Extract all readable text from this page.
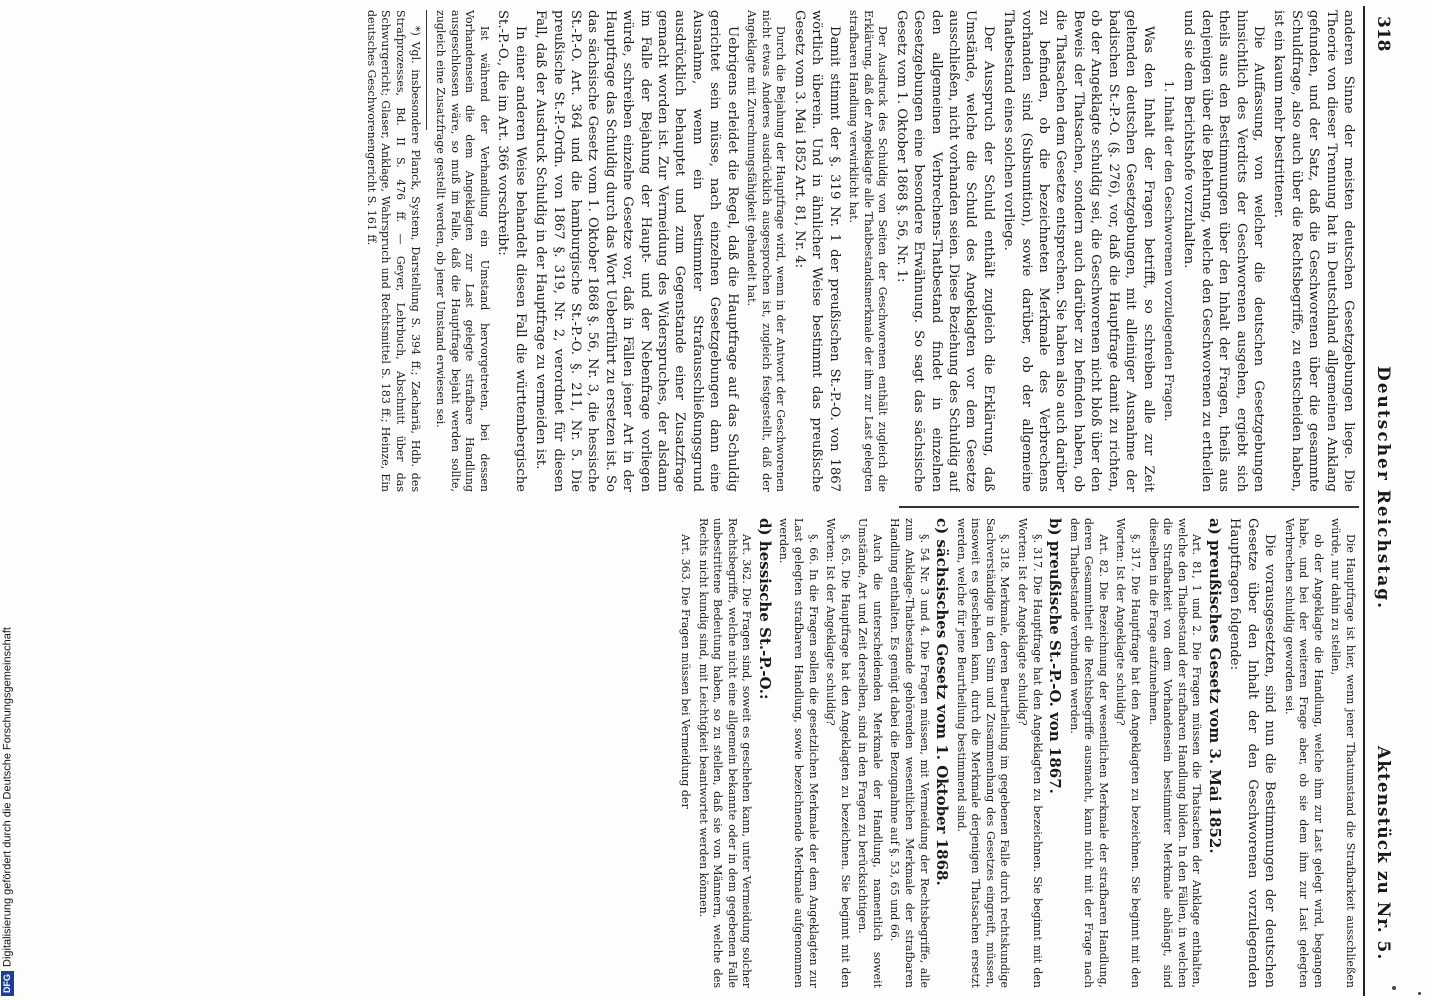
318
Deutscher Reichstag.
Aktenstück zu Nr. 5.

anderen Sinne der meisten deutschen Gesetzgebungen liege. Die Theorie von dieser Trennung hat in Deutschland allgemeinen Anklang gefunden, und der Satz, daß die Geschworenen über die gesammte Schuldfrage, also auch über die Rechtsbegriffe, zu entscheiden haben, ist ein kaum mehr bestrittener.

Die Auffassung, von welcher die deutschen Gesetzgebungen hinsichtlich des Verdicts der Geschworenen ausgehen, ergiebt sich theils aus den Bestimmungen über den Inhalt der Fragen, theils aus denjenigen über die Belehrung, welche den Geschworenen zu ertheilen und sie dem Berichtshofe vorzuhalten.

1. Inhalt der den Geschworenen vorzulegenden Fragen.

Was den Inhalt der Fragen betrifft, so schreiben alle zur Zeit geltenden deutschen Gesetzgebungen, mit alleiniger Ausnahme der badischen St.-P.-O. (§. 276), vor, daß die Hauptfrage damit zu richten, ob der Angeklagte schuldig sei, die Geschworenen nicht bloß über den Beweis der Thatsachen, sondern auch darüber zu befinden haben, ob die Thatsachen dem Gesetze entsprechen. Sie haben also auch darüber zu befinden, ob die bezeichneten Merkmale des Verbrechens vorhanden sind (Subsumtion), sowie darüber, ob der allgemeine Thatbestand eines solchen vorliege.

Der Ausspruch der Schuld enthält zugleich die Erklärung, daß Umstände, welche die Schuld des Angeklagten vor dem Gesetze ausschließen, nicht vorhanden seien. Diese Beziehung des Schuldig auf den allgemeinen Verbrechens-Thatbestand findet in einzelnen Gesetzgebungen eine besondere Erwähnung. So sagt das sächsische Gesetz vom 1. Oktober 1868 §. 56, Nr. 1:

Der Ausdruck des Schuldig von Seiten der Geschworenen enthält zugleich die Erklärung, daß der Angeklagte alle Thatbestandsmerkmale der ihm zur Last gelegten strafbaren Handlung verwirklicht hat.

Damit stimmt der §. 319 Nr. 1 der preußischen St.-P.-O. von 1867 wörtlich überein. Und in ähnlicher Weise bestimmt das preußische Gesetz vom 3. Mai 1852 Art. 81, Nr. 4:

Durch die Bejahung der Hauptfrage wird, wenn in der Antwort der Geschworenen nicht etwas Anderes ausdrücklich ausgesprochen ist, zugleich festgestellt, daß der Angeklagte mit Zurechnungsfähigkeit gehandelt hat.

Uebrigens erleidet die Regel, daß die Hauptfrage auf das Schuldig gerichtet sein müsse, nach einzelnen Gesetzgebungen dann eine Ausnahme, wenn ein bestimmter Strafausschließungsgrund ausdrücklich behauptet und zum Gegenstande einer Zusatzfrage gemacht worden ist. Zur Vermeidung des Widerspruches, der alsdann im Falle der Bejahung der Haupt- und der Nebenfrage vorliegen würde, schreiben einzelne Gesetze vor, daß in Fällen jener Art in der Hauptfrage das Schuldig durch das Wort Ueberführt zu ersetzen ist. So das sächsische Gesetz vom 1. Oktober 1868 §. 56, Nr. 3, die hessische St.-P.-O. Art. 364 und die hamburgische St.-P.-O. §. 211, Nr. 5. Die preußische St.-P.-Ordn. von 1867 §. 319, Nr. 2, verordnet für diesen Fall, daß der Ausdruck Schuldig in der Hauptfrage zu vermeiden ist.

In einer anderen Weise behandelt diesen Fall die württembergische St.-P.-O., die im Art. 366 vorschreibt:

Ist während der Verhandlung ein Umstand hervorgetreten, bei dessen Vorhandensein die dem Angeklagten zur Last gelegte strafbare Handlung ausgeschlossen wäre, so muß im Falle, daß die Hauptfrage bejaht werden sollte, zugleich eine Zusatzfrage gestellt werden, ob jener Umstand erwiesen sei.

*) Vgl. insbesondere Planck, System, Darstellung S. 394 ff.; Zachariä, Hdb. des Strafprozesses, Bd. II S. 476 ff. — Geyer, Lehrbuch, Abschnitt über das Schwurgericht; Glaser, Anklage, Wahrspruch und Rechtsmittel S. 183 ff.; Heinze, Ein deutsches Geschworenengericht S. 161 ff.

Die Hauptfrage ist hier, wenn jener Thatumstand die Strafbarkeit ausschließen würde, nur dahin zu stellen,

ob der Angeklagte die Handlung, welche ihm zur Last gelegt wird, begangen habe, und bei der weiteren Frage aber, ob sie dem ihm zur Last gelegten Verbrechen schuldig geworden sei.

Die vorausgesetzten, sind nun die Bestimmungen der deutschen Gesetze über den Inhalt der den Geschworenen vorzulegenden Hauptfragen folgende:

a) preußisches Gesetz vom 3. Mai 1852.

Art. 81, 1 und 2. Die Fragen müssen die Thatsachen der Anklage enthalten, welche den Thatbestand der strafbaren Handlung bilden. In den Fällen, in welchen die Strafbarkeit von dem Vorhandensein bestimmter Merkmale abhängt, sind dieselben in die Frage aufzunehmen.

§. 317. Die Hauptfrage hat den Angeklagten zu bezeichnen. Sie beginnt mit den Worten: Ist der Angeklagte schuldig?

Art. 82. Die Bezeichnung der wesentlichen Merkmale der strafbaren Handlung, deren Gesammtheit die Rechtsbegriffe ausmacht, kann nicht mit der Frage nach dem Thatbestande verbunden werden.

b) preußische St.-P.-O. von 1867.

§. 317. Die Hauptfrage hat den Angeklagten zu bezeichnen. Sie beginnt mit den Worten: Ist der Angeklagte schuldig?

§. 318. Merkmale, deren Beurtheilung im gegebenen Falle durch rechtskundige Sachverständige in den Sinn und Zusammenhang des Gesetzes eingreift, müssen, insoweit es geschehen kann, durch die Merkmale derjenigen Thatsachen ersetzt werden, welche für jene Beurtheilung bestimmend sind.

c) sächsisches Gesetz vom 1. Oktober 1868.

§. 54 Nr. 3 und 4. Die Fragen müssen, mit Vermeidung der Rechtsbegriffe, alle zum Anklage-Thatbestande gehörenden wesentlichen Merkmale der strafbaren Handlung enthalten. Es genügt dabei die Bezugnahme auf §. 53, 65 und 66.

Auch die unterscheidenden Merkmale der Handlung, namentlich soweit Umstände, Art und Zeit derselben, sind in den Fragen zu berücksichtigen.

§. 65. Die Hauptfrage hat den Angeklagten zu bezeichnen. Sie beginnt mit den Worten: Ist der Angeklagte schuldig?

§. 66. In die Fragen sollen die gesetzlichen Merkmale der dem Angeklagten zur Last gelegten strafbaren Handlung, sowie bezeichnende Merkmale aufgenommen werden.

d) hessische St.-P.-O.:

Art. 362. Die Fragen sind, soweit es geschehen kann, unter Vermeidung solcher Rechtsbegriffe, welche nicht eine allgemein bekannte oder in dem gegebenen Falle unbestrittene Bedeutung haben, so zu stellen, daß sie von Männern, welche des Rechts nicht kundig sind, mit Leichtigkeit beantwortet werden können.

Art. 363. Die Fragen müssen bei Vermeidung der

DFGDigitalisierung gefördert durch die Deutsche Forschungsgemeinschaft
